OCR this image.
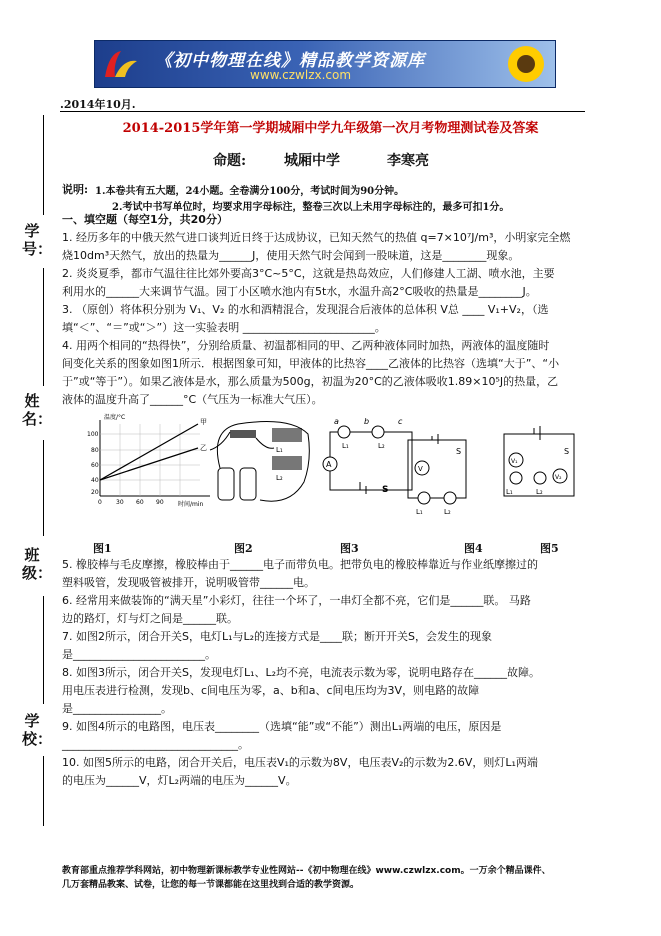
《初中物理在线》精品教学资源库
www.czwlzx.com
.2014年10月.
2014-2015学年第一学期城厢中学九年级第一次月考物理测试卷及答案
命题:	城厢中学	李寒亮
说明: 1.本卷共有五大题，24小题。全卷满分100分，考试时间为90分钟。
2.考试中书写单位时，均要求用字母标注，整卷三次以上未用字母标注的，最多可扣1分。
学号：
姓名：
班级：
学校：
一、填空题（每空1分，共20分）
1. 经历多年的中俄天然气进口谈判近日终于达成协议，已知天然气的热值 q=7×10⁷J/m³，小明家完全燃
烧10dm³天然气，放出的热量为______J，使用天然气时会闻到一股味道，这是________现象。
2. 炎炎夏季，都市气温往往比郊外要高3°C~5°C，这就是热岛效应，人们修建人工湖、喷水池，主要
利用水的______大来调节气温。园丁小区喷水池内有5t水，水温升高2°C吸收的热量是________J。
3. （原创）将体积分别为 V₁、V₂ 的水和酒精混合，发现混合后液体的总体积 V总 ____ V₁+V₂，（选
填“＜”、“＝”或“＞”）这一实验表明 ________________________。
4. 用两个相同的“热得快”，分别给质量、初温都相同的甲、乙两种液体同时加热，两液体的温度随时
间变化关系的图象如图1所示．根据图象可知，甲液体的比热容____乙液体的比热容（选填“大于”、“小
于”或“等于”）。如果乙液体是水，那么质量为500g，初温为20°C的乙液体吸收1.89×10⁵J的热量，乙
液体的温度升高了______°C（气压为一标准大气压）。
温度/°C
时间/min
甲
乙
100
80
60
40
20
0 30 60 90
L₁
L₂
A
a	b	c
L₁	L₂
S
V
S
L₁	L₂
V₁
V₂
S
L₁	L₂
图1	图2	图3	图4	图5
5. 橡胶棒与毛皮摩擦，橡胶棒由于______电子而带负电。把带负电的橡胶棒靠近与作业纸摩擦过的
塑料吸管，发现吸管被排开，说明吸管带______电。
6. 经常用来做装饰的“满天星”小彩灯，往往一个坏了，一串灯全都不亮，它们是______联。 马路
边的路灯，灯与灯之间是______联。
7. 如图2所示，闭合开关S，电灯L₁与L₂的连接方式是____联；断开开关S，会发生的现象
是________________________。
8. 如图3所示，闭合开关S，发现电灯L₁、L₂均不亮，电流表示数为零，说明电路存在______故障。
用电压表进行检测，发现b、c间电压为零，a、b和a、c间电压均为3V，则电路的故障
是________________。
9. 如图4所示的电路图，电压表________（选填“能”或“不能”）测出L₁两端的电压，原因是
________________________________。
10. 如图5所示的电路，闭合开关后，电压表V₁的示数为8V，电压表V₂的示数为2.6V，则灯L₁两端
的电压为______V，灯L₂两端的电压为______V。
教育部重点推荐学科网站，初中物理新课标教学专业性网站--《初中物理在线》www.czwlzx.com。一万余个精品课件、
几万套精品教案、试卷，让您的每一节课都能在这里找到合适的教学资源。
